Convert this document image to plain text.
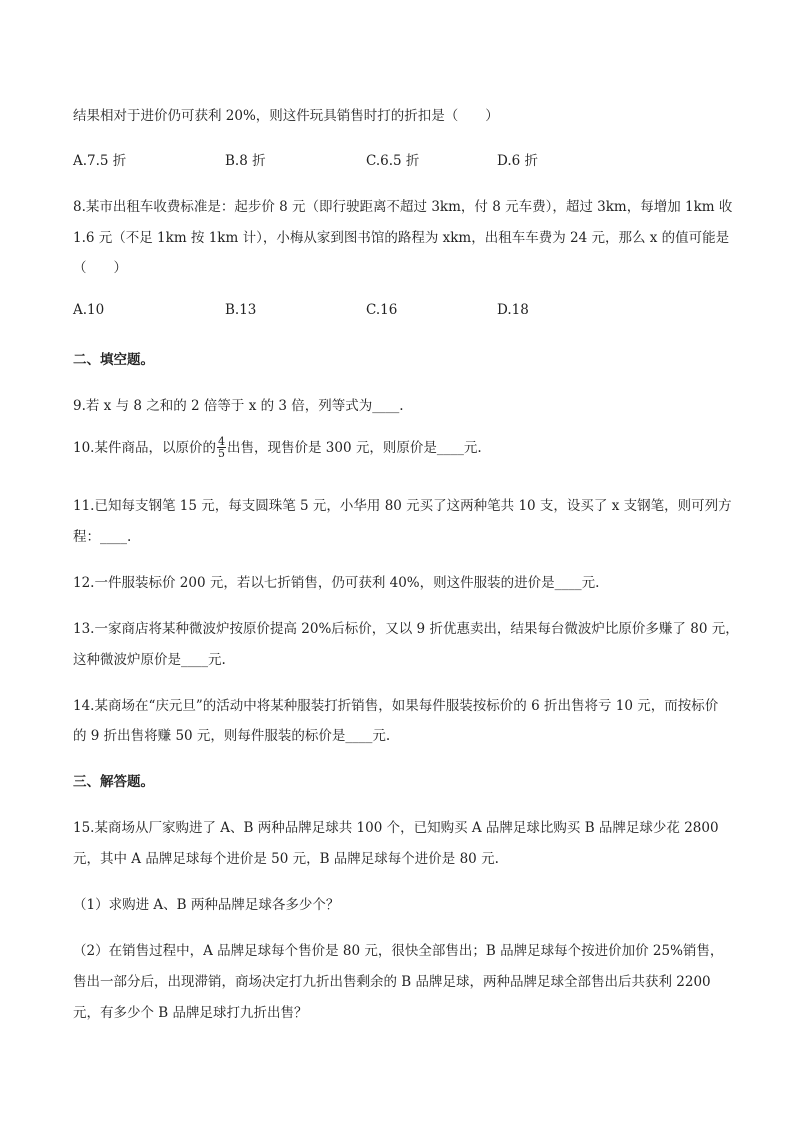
结果相对于进价仍可获利 20%，则这件玩具销售时打的折扣是（　　）
A.7.5 折	B.8 折	C.6.5 折	D.6 折
8.某市出租车收费标准是：起步价 8 元（即行驶距离不超过 3km，付 8 元车费），超过 3km，每增加 1km 收
1.6 元（不足 1km 按 1km 计），小梅从家到图书馆的路程为 xkm，出租车车费为 24 元，那么 x 的值可能是
（　　）
A.10	B.13	C.16	D.18
二、填空题。
9.若 x 与 8 之和的 2 倍等于 x 的 3 倍，列等式为____.
10.某件商品，以原价的 $\frac{4}{5}$ 出售，现售价是 300 元，则原价是____元.
11.已知每支钢笔 15 元，每支圆珠笔 5 元，小华用 80 元买了这两种笔共 10 支，设买了 x 支钢笔，则可列方
程：____.
12.一件服装标价 200 元，若以七折销售，仍可获利 40%，则这件服装的进价是____元.
13.一家商店将某种微波炉按原价提高 20%后标价，又以 9 折优惠卖出，结果每台微波炉比原价多赚了 80 元，
这种微波炉原价是____元.
14.某商场在“庆元旦”的活动中将某种服装打折销售，如果每件服装按标价的 6 折出售将亏 10 元，而按标价
的 9 折出售将赚 50 元，则每件服装的标价是____元.
三、解答题。
15.某商场从厂家购进了 A、B 两种品牌足球共 100 个，已知购买 A 品牌足球比购买 B 品牌足球少花 2800
元，其中 A 品牌足球每个进价是 50 元，B 品牌足球每个进价是 80 元.
（1）求购进 A、B 两种品牌足球各多少个？
（2）在销售过程中，A 品牌足球每个售价是 80 元，很快全部售出；B 品牌足球每个按进价加价 25%销售，
售出一部分后，出现滞销，商场决定打九折出售剩余的 B 品牌足球，两种品牌足球全部售出后共获利 2200
元，有多少个 B 品牌足球打九折出售？
